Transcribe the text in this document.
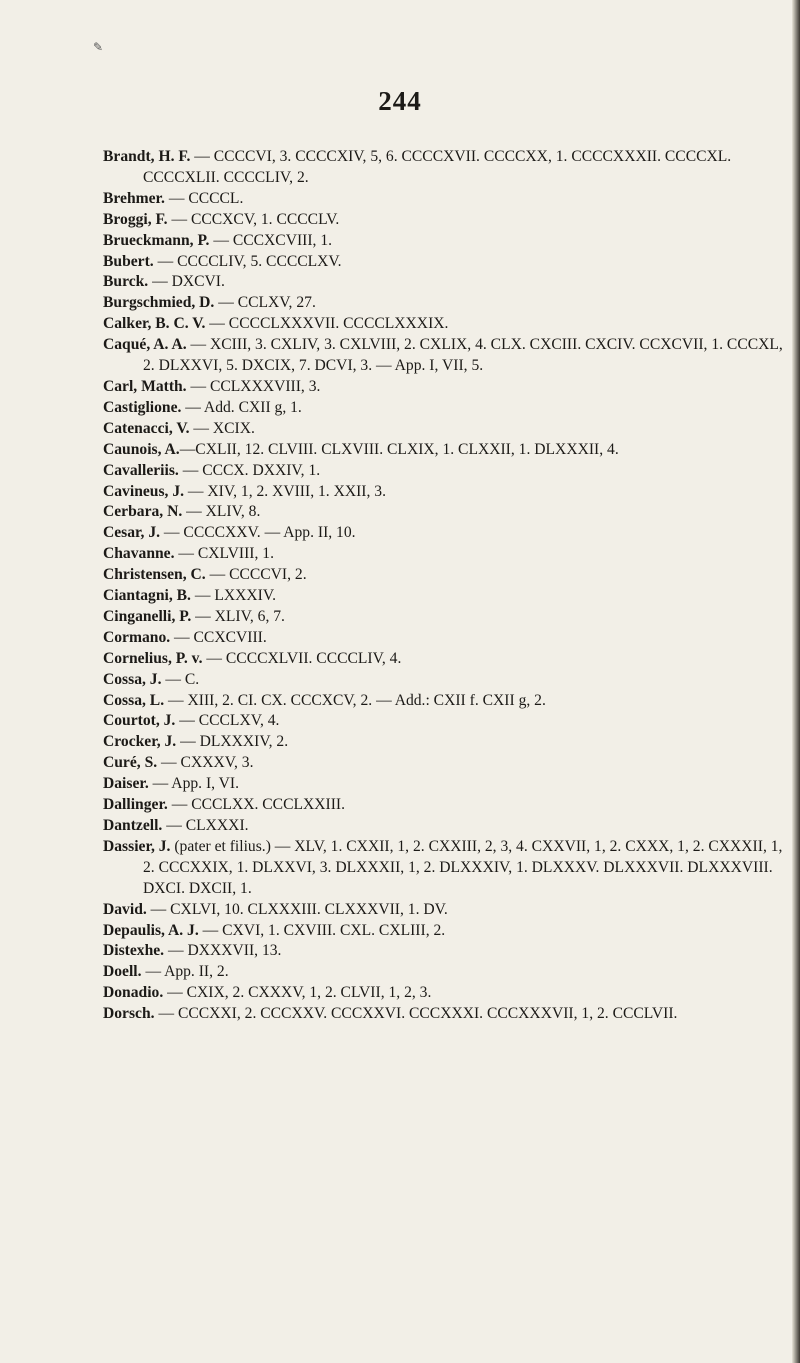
✎
244

Brandt, H. F. — CCCCVI, 3. CCCCXIV, 5, 6. CCCCXVII. CCCCXX, 1. CCCCXXXII. CCCCXL. CCCCXLII. CCCCLIV, 2.

Brehmer. — CCCCL.

Broggi, F. — CCCXCV, 1. CCCCLV.

Brueckmann, P. — CCCXCVIII, 1.

Bubert. — CCCCLIV, 5. CCCCLXV.

Burck. — DXCVI.

Burgschmied, D. — CCLXV, 27.

Calker, B. C. V. — CCCCLXXXVII. CCCCLXXXIX.

Caqué, A. A. — XCIII, 3. CXLIV, 3. CXLVIII, 2. CXLIX, 4. CLX. CXCIII. CXCIV. CCXCVII, 1. CCCXL, 2. DLXXVI, 5. DXCIX, 7. DCVI, 3. — App. I, VII, 5.

Carl, Matth. — CCLXXXVIII, 3.

Castiglione. — Add. CXII g, 1.

Catenacci, V. — XCIX.

Caunois, A.—CXLII, 12. CLVIII. CLXVIII. CLXIX, 1. CLXXII, 1. DLXXXII, 4.

Cavalleriis. — CCCX. DXXIV, 1.

Cavineus, J. — XIV, 1, 2. XVIII, 1. XXII, 3.

Cerbara, N. — XLIV, 8.

Cesar, J. — CCCCXXV. — App. II, 10.

Chavanne. — CXLVIII, 1.

Christensen, C. — CCCCVI, 2.

Ciantagni, B. — LXXXIV.

Cinganelli, P. — XLIV, 6, 7.

Cormano. — CCXCVIII.

Cornelius, P. v. — CCCCXLVII. CCCCLIV, 4.

Cossa, J. — C.

Cossa, L. — XIII, 2. CI. CX. CCCXCV, 2. — Add.: CXII f. CXII g, 2.

Courtot, J. — CCCLXV, 4.

Crocker, J. — DLXXXIV, 2.

Curé, S. — CXXXV, 3.

Daiser. — App. I, VI.

Dallinger. — CCCLXX. CCCLXXIII.

Dantzell. — CLXXXI.

Dassier, J. (pater et filius.) — XLV, 1. CXXII, 1, 2. CXXIII, 2, 3, 4. CXXVII, 1, 2. CXXX, 1, 2. CXXXII, 1, 2. CCCXXIX, 1. DLXXVI, 3. DLXXXII, 1, 2. DLXXXIV, 1. DLXXXV. DLXXXVII. DLXXXVIII. DXCI. DXCII, 1.

David. — CXLVI, 10. CLXXXIII. CLXXXVII, 1. DV.

Depaulis, A. J. — CXVI, 1. CXVIII. CXL. CXLIII, 2.

Distexhe. — DXXXVII, 13.

Doell. — App. II, 2.

Donadio. — CXIX, 2. CXXXV, 1, 2. CLVII, 1, 2, 3.

Dorsch. — CCCXXI, 2. CCCXXV. CCCXXVI. CCCXXXI. CCCXXXVII, 1, 2. CCCLVII.
